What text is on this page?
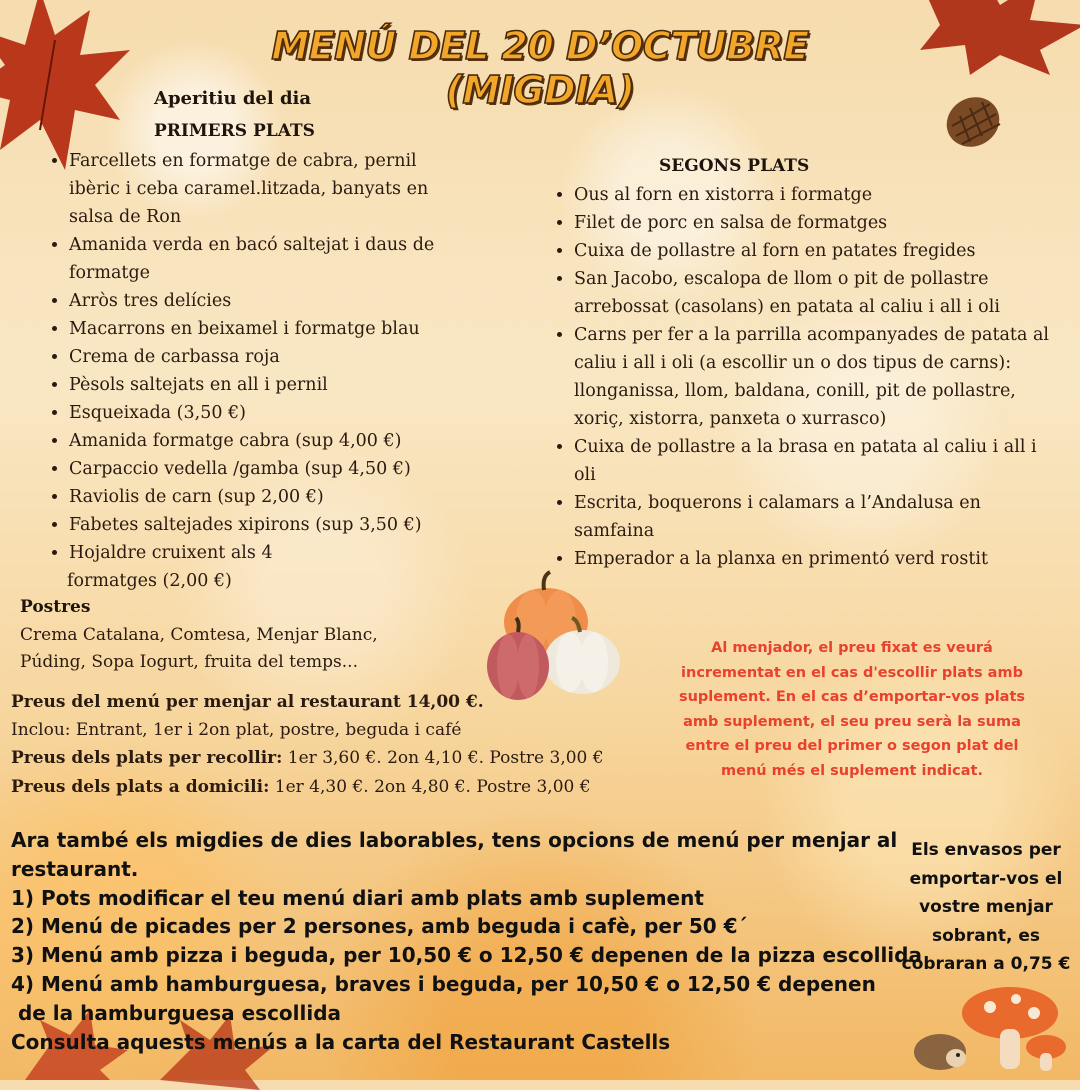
MENÚ DEL 20 D’OCTUBRE (MIGDIA)
Aperitiu del dia
PRIMERS PLATS
• Farcellets en formatge de cabra, pernil ibèric i ceba caramel.litzada, banyats en salsa de Ron
• Amanida verda en bacó saltejat i daus de formatge
• Arròs tres delícies
• Macarrons en beixamel i formatge blau
• Crema de carbassa roja
• Pèsols saltejats en all i pernil
• Esqueixada (3,50 €)
• Amanida formatge cabra (sup 4,00 €)
• Carpaccio vedella /gamba (sup 4,50 €)
• Raviolis de carn (sup 2,00 €)
• Fabetes saltejades xipirons (sup 3,50 €)
• Hojaldre cruixent als 4
formatges (2,00 €)
Postres
Crema Catalana, Comtesa, Menjar Blanc,
Púding, Sopa Iogurt, fruita del temps...
SEGONS PLATS
• Ous al forn en xistorra i formatge
• Filet de porc en salsa de formatges
• Cuixa de pollastre al forn en patates fregides
• San Jacobo, escalopa de llom o pit de pollastre arrebossat (casolans) en patata al caliu i all i oli
• Carns per fer a la parrilla acompanyades de patata al caliu i all i oli (a escollir un o dos tipus de carns): llonganissa, llom, baldana, conill, pit de pollastre, xoriç, xistorra, panxeta o xurrasco)
• Cuixa de pollastre a la brasa en patata al caliu i all i oli
• Escrita, boquerons i calamars a l’Andalusa en samfaina
• Emperador a la planxa en primentó verd rostit
Preus del menú per menjar al restaurant 14,00 €.
Inclou: Entrant, 1er i 2on plat, postre, beguda i café
Preus dels plats per recollir: 1er 3,60 €. 2on 4,10 €. Postre 3,00 €
Preus dels plats a domicili: 1er 4,30 €. 2on 4,80 €. Postre 3,00 €
Al menjador, el preu fixat es veurá incrementat en el cas d'escollir plats amb suplement. En el cas d’emportar-vos plats amb suplement, el seu preu serà la suma entre el preu del primer o segon plat del menú més el suplement indicat.
Ara també els migdies de dies laborables, tens opcions de menú per menjar al
restaurant.
1) Pots modificar el teu menú diari amb plats amb suplement
2) Menú de picades per 2 persones, amb beguda i cafè, per 50 €´
3) Menú amb pizza i beguda, per 10,50 € o 12,50 € depenen de la pizza escollida
4) Menú amb hamburguesa, braves i beguda, per 10,50 € o 12,50 € depenen
de la hamburguesa escollida
Consulta aquests menús a la carta del Restaurant Castells
Els envasos per emportar-vos el vostre menjar sobrant, es cobraran a 0,75 €
